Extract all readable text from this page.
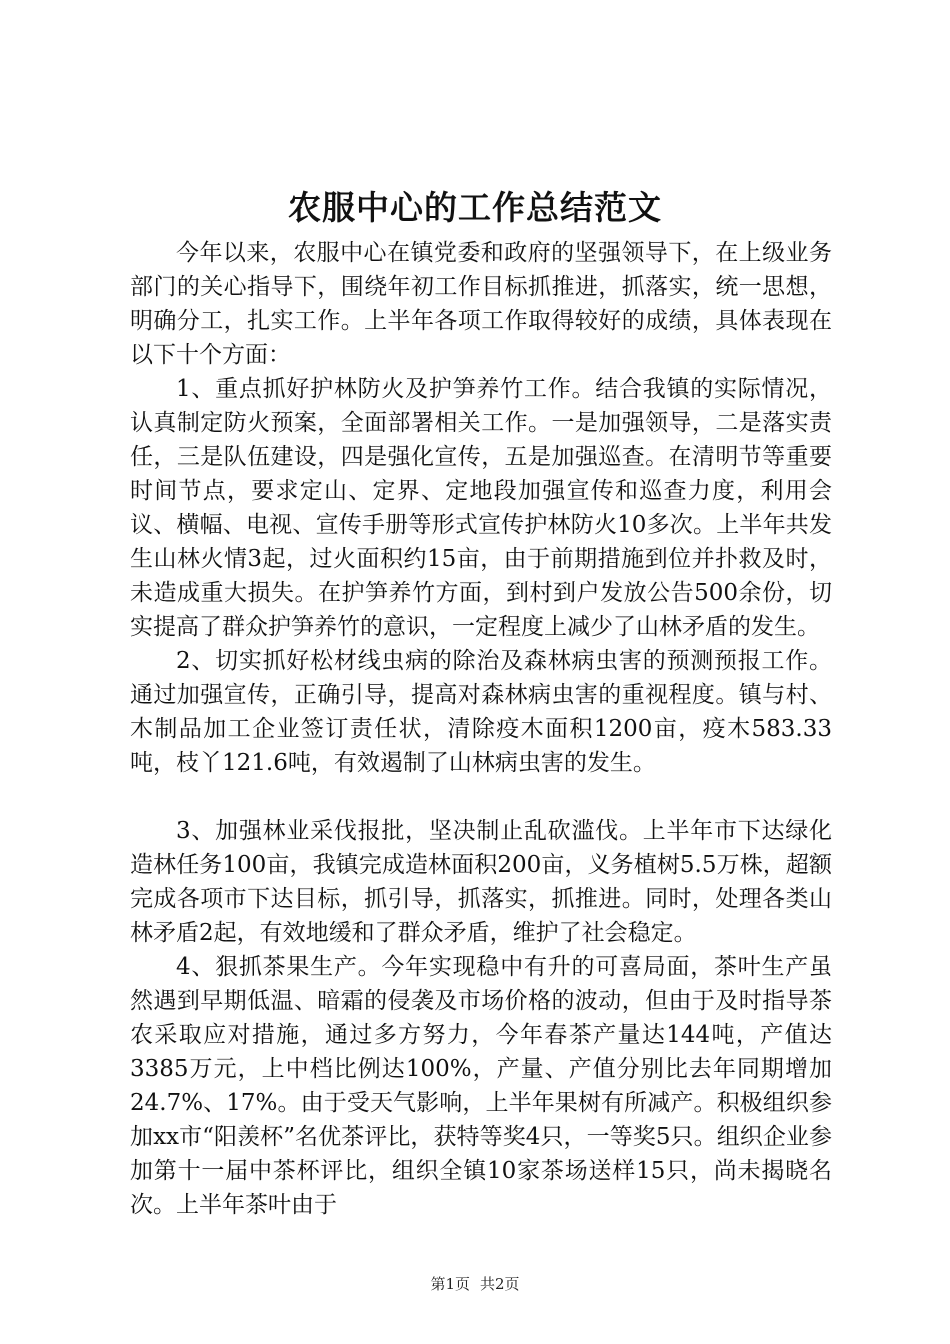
农服中心的工作总结范文

今年以来，农服中心在镇党委和政府的坚强领导下，在上级业务部门的关心指导下，围绕年初工作目标抓推进，抓落实，统一思想，明确分工，扎实工作。上半年各项工作取得较好的成绩，具体表现在以下十个方面：

1、重点抓好护林防火及护笋养竹工作。结合我镇的实际情况，认真制定防火预案，全面部署相关工作。一是加强领导，二是落实责任，三是队伍建设，四是强化宣传，五是加强巡查。在清明节等重要时间节点，要求定山、定界、定地段加强宣传和巡查力度，利用会议、横幅、电视、宣传手册等形式宣传护林防火10多次。上半年共发生山林火情3起，过火面积约15亩，由于前期措施到位并扑救及时，未造成重大损失。在护笋养竹方面，到村到户发放公告500余份，切实提高了群众护笋养竹的意识，一定程度上减少了山林矛盾的发生。

2、切实抓好松材线虫病的除治及森林病虫害的预测预报工作。通过加强宣传，正确引导，提高对森林病虫害的重视程度。镇与村、木制品加工企业签订责任状，清除疫木面积1200亩，疫木583.33吨，枝丫121.6吨，有效遏制了山林病虫害的发生。

3、加强林业采伐报批，坚决制止乱砍滥伐。上半年市下达绿化造林任务100亩，我镇完成造林面积200亩，义务植树5.5万株，超额完成各项市下达目标，抓引导，抓落实，抓推进。同时，处理各类山林矛盾2起，有效地缓和了群众矛盾，维护了社会稳定。

4、狠抓茶果生产。今年实现稳中有升的可喜局面，茶叶生产虽然遇到早期低温、暗霜的侵袭及市场价格的波动，但由于及时指导茶农采取应对措施，通过多方努力，今年春茶产量达144吨，产值达3385万元，上中档比例达100%，产量、产值分别比去年同期增加24.7%、17%。由于受天气影响，上半年果树有所减产。积极组织参加xx市“阳羡杯”名优茶评比，获特等奖4只，一等奖5只。组织企业参加第十一届中茶杯评比，组织全镇10家茶场送样15只，尚未揭晓名次。上半年茶叶由于

第1页 共2页
